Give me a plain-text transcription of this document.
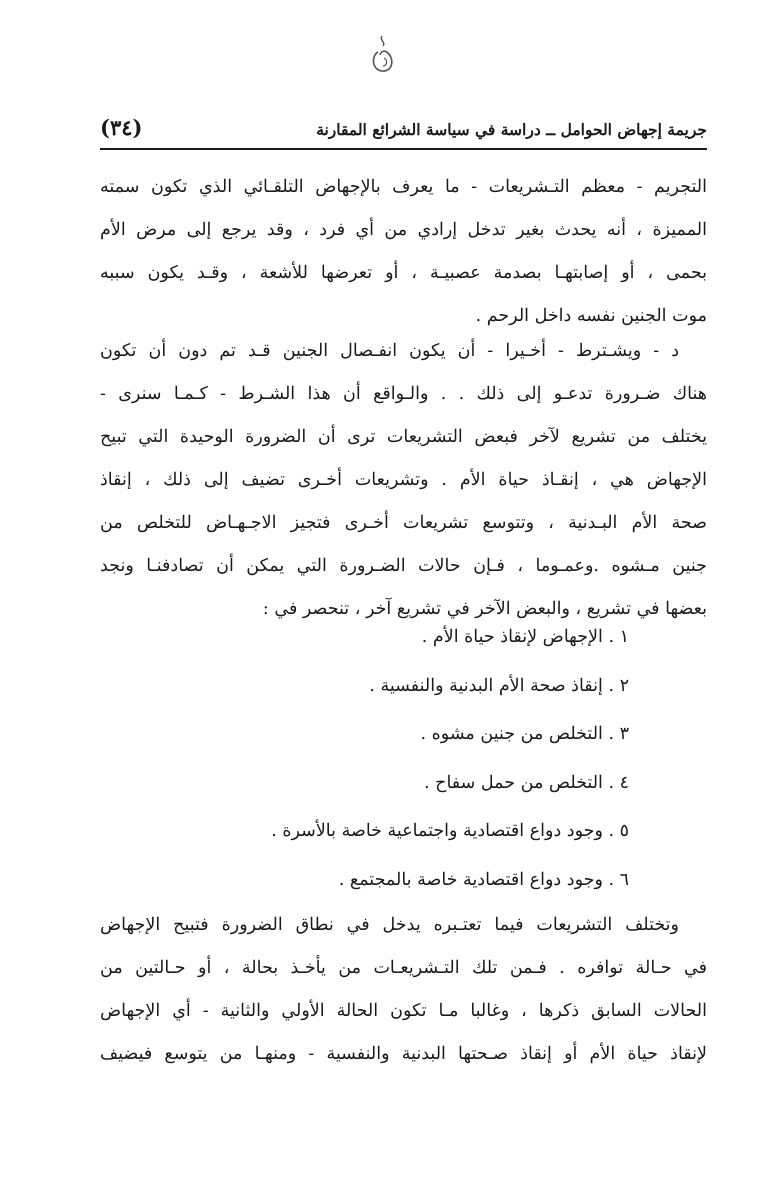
جريمة إجهاض الحوامل ــ دراسة في سياسة الشرائع المقارنة
(٣٤)
التجريم - معظم التـشريعات - ما يعرف بالإجهاض التلقـائي الذي تكون سمته
المميزة ، أنه يحدث بغير تدخل إرادي من أي فرد ، وقد يرجع إلى مرض الأم
بحمى ، أو إصابتهـا بصدمة عصبيـة ، أو تعرضها للأشعة ، وقـد يكون سببه
موت الجنين نفسه داخل الرحم .
د - ويشـترط - أخـيرا - أن يكون انفـصال الجنين قـد تم دون أن تكون
هناك ضـرورة تدعـو إلى ذلك . . والـواقع أن هذا الشـرط - كـمـا سنرى -
يختلف من تشريع لآخر فبعض التشريعات ترى أن الضرورة الوحيدة التي تبيح
الإجهاض هي ، إنقـاذ حياة الأم . وتشريعات أخـرى تضيف إلى ذلك ، إنقاذ
صحة الأم البـدنية ، وتتوسع تشريعات أخـرى فتجيز الاجـهـاض للتخلص من
جنين مـشوه .وعمـوما ، فـإن حالات الضـرورة التي يمكن أن تصادفنـا ونجد
بعضها في تشريع ، والبعض الآخر في تشريع آخر ، تنحصر في :
١ . الإجهاض لإنقاذ حياة الأم .
٢ . إنقاذ صحة الأم البدنية والنفسية .
٣ . التخلص من جنين مشوه .
٤ . التخلص من حمل سفاح .
٥ . وجود دواع اقتصادية واجتماعية خاصة بالأسرة .
٦ . وجود دواع اقتصادية خاصة بالمجتمع .
وتختلف التشريعات فيما تعتـبره يدخل في نطاق الضرورة فتبيح الإجهاض
في حـالة توافره . فـمن تلك التـشريعـات من يأخـذ بحالة ، أو حـالتين من
الحالات السابق ذكرها ، وغالبا مـا تكون الحالة الأولي والثانية - أي الإجهاض
لإنقاذ حياة الأم أو إنقاذ صـحتها البدنية والنفسية - ومنهـا من يتوسع فيضيف
